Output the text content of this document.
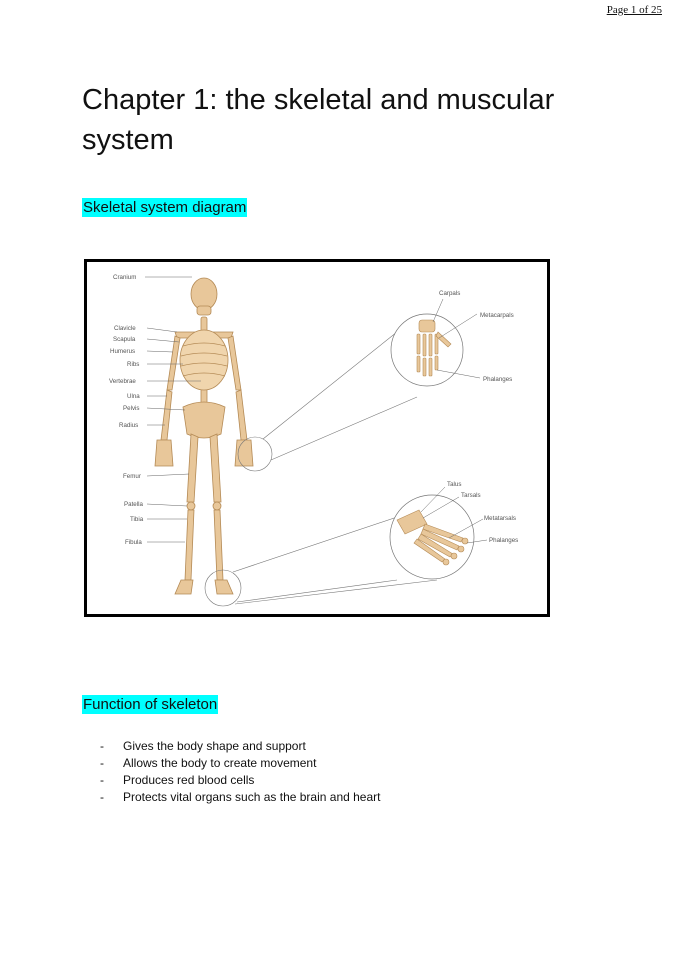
Page 1 of 25
Chapter 1: the skeletal and muscular system
Skeletal system diagram
Cranium
Clavicle
Scapula
Humerus
Ribs
Vertebrae
Ulna
Pelvis
Radius
Femur
Patella
Tibia
Fibula
Carpals
Metacarpals
Phalanges
Talus
Tarsals
Metatarsals
Phalanges
Function of skeleton
- Gives the body shape and support
- Allows the body to create movement
- Produces red blood cells
- Protects vital organs such as the brain and heart
